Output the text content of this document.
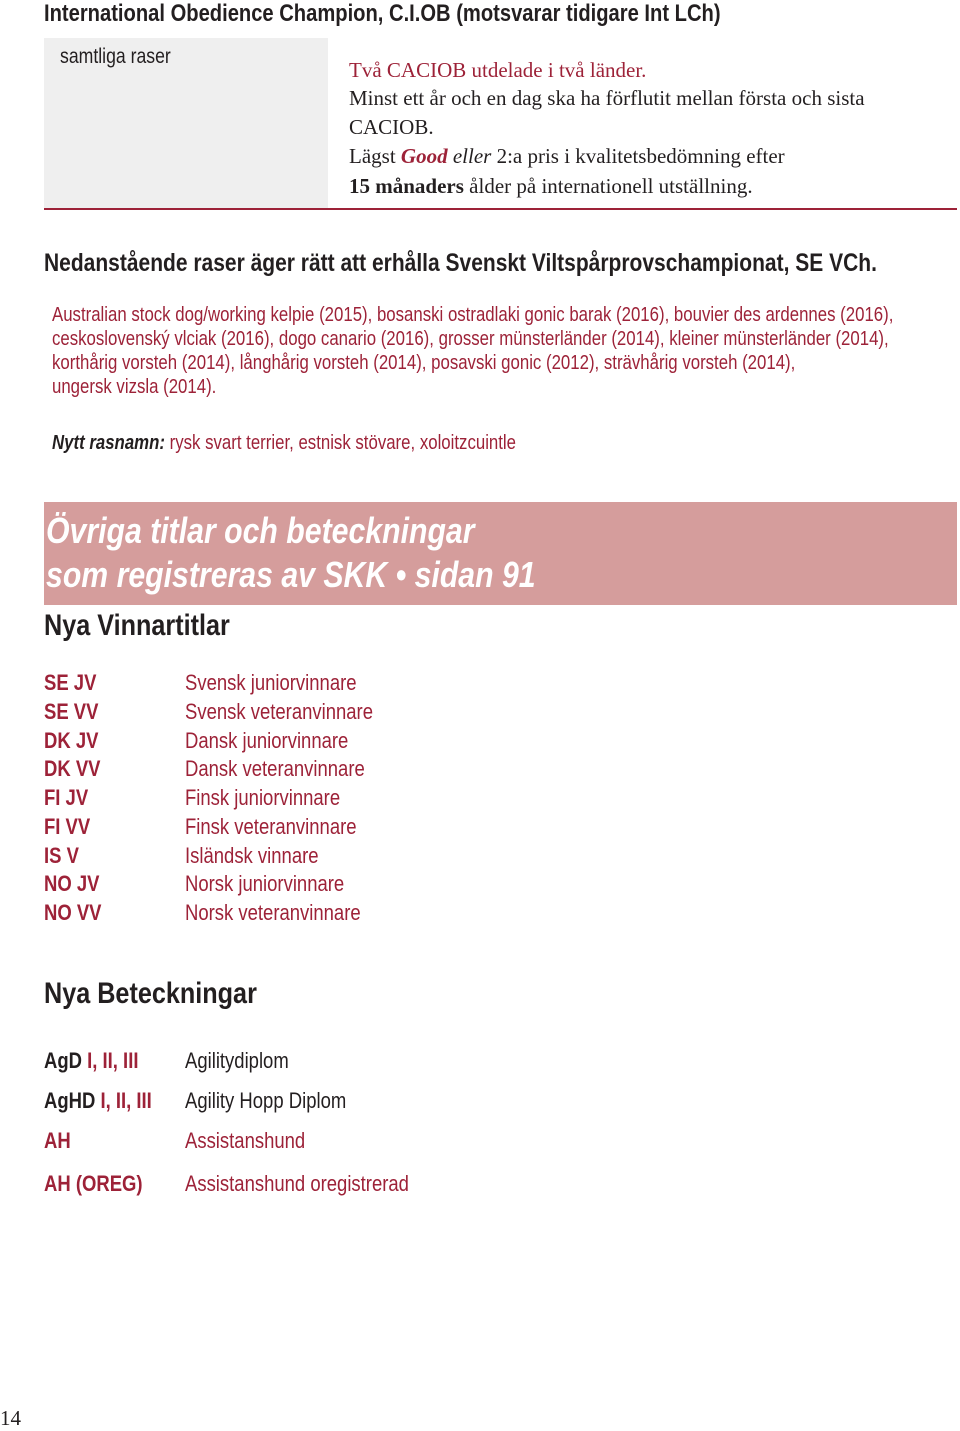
International Obedience Champion, C.I.OB (motsvarar tidigare Int LCh)
samtliga raser
Två CACIOB utdelade i två länder.
Minst ett år och en dag ska ha förflutit mellan första och sista
CACIOB.
Lägst Good eller 2:a pris i kvalitetsbedömning efter
15 månaders ålder på internationell utställning.
Nedanstående raser äger rätt att erhålla Svenskt Viltspårprovschampionat, SE VCh.
Australian stock dog/working kelpie (2015), bosanski ostradlaki gonic barak (2016), bouvier des ardennes (2016),
ceskoslovenský vlciak (2016), dogo canario (2016), grosser münsterländer (2014), kleiner münsterländer (2014),
korthårig vorsteh (2014), långhårig vorsteh (2014), posavski gonic (2012), strävhårig vorsteh (2014),
ungersk vizsla (2014).
Nytt rasnamn: rysk svart terrier, estnisk stövare, xoloitzcuintle
Övriga titlar och beteckningar
som registreras av SKK • sidan 91
Nya Vinnartitlar
SE JV	Svensk juniorvinnare
SE VV	Svensk veteranvinnare
DK JV	Dansk juniorvinnare
DK VV	Dansk veteranvinnare
FI JV	Finsk juniorvinnare
FI VV	Finsk veteranvinnare
IS V	Isländsk vinnare
NO JV	Norsk juniorvinnare
NO VV	Norsk veteranvinnare
Nya Beteckningar
AgD I, II, III	Agilitydiplom
AgHD I, II, III	Agility Hopp Diplom
AH	Assistanshund
AH (OREG)	Assistanshund oregistrerad
14
